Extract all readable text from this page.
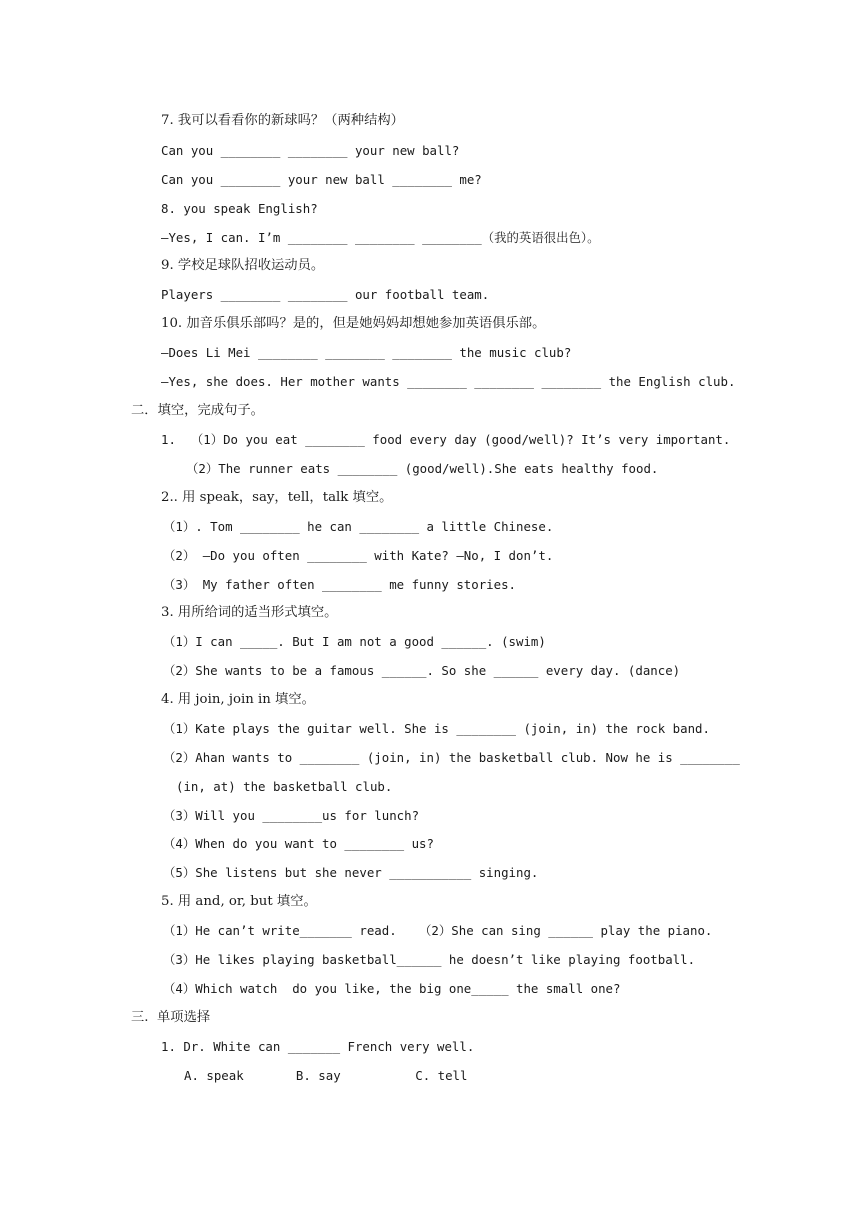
7. 我可以看看你的新球吗？（两种结构）
Can you ________ ________ your new ball?
Can you ________ your new ball ________ me?
8. you speak English?
—Yes, I can. I’m ________ ________ ________（我的英语很出色）。
9. 学校足球队招收运动员。
Players ________ ________ our football team.
10. 加音乐俱乐部吗？是的，但是她妈妈却想她参加英语俱乐部。
—Does Li Mei ________ ________ ________ the music club?
—Yes, she does. Her mother wants ________ ________ ________ the English club.
二．填空，完成句子。
1.  （1）Do you eat ________ food every day (good/well)? It’s very important.
（2）The runner eats ________ (good/well).She eats healthy food.
2.. 用 speak，say，tell，talk 填空。
（1）. Tom ________ he can ________ a little Chinese.
（2） —Do you often ________ with Kate? —No, I don’t.
（3） My father often ________ me funny stories.
3. 用所给词的适当形式填空。
（1）I can _____. But I am not a good ______. (swim)
（2）She wants to be a famous ______. So she ______ every day. (dance)
4. 用 join, join in 填空。
（1）Kate plays the guitar well. She is ________ (join, in) the rock band.
（2）Ahan wants to ________ (join, in) the basketball club. Now he is ________
(in, at) the basketball club.
（3）Will you ________us for lunch?
（4）When do you want to ________ us?
（5）She listens but she never ___________ singing.
5. 用 and, or, but 填空。
（1）He can’t write_______ read.   （2）She can sing ______ play the piano.
（3）He likes playing basketball______ he doesn’t like playing football.
（4）Which watch  do you like, the big one_____ the small one?
三.  单项选择
1. Dr. White can _______ French very well.
A. speak       B. say          C. tell
